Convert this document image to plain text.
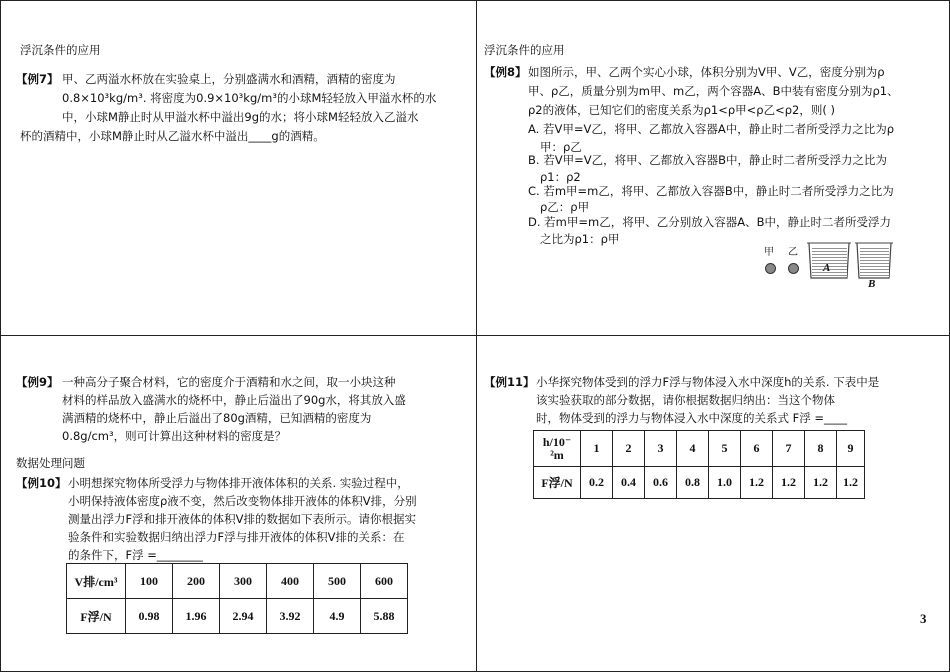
浮沉条件的应用
【例7】 甲、乙两溢水杯放在实验桌上，分别盛满水和酒精，酒精的密度为
0.8×10³kg/m³. 将密度为0.9×10³kg/m³的小球M轻轻放入甲溢水杯的水
中，小球M静止时从甲溢水杯中溢出9g的水；将小球M轻轻放入乙溢水
杯的酒精中，小球M静止时从乙溢水杯中溢出____g的酒精。
浮沉条件的应用
【例8】 如图所示，甲、乙两个实心小球，体积分别为V甲、V乙，密度分别为ρ
甲、ρ乙，质量分别为m甲、m乙，两个容器A、B中装有密度分别为ρ1、
ρ2的液体，已知它们的密度关系为ρ1<ρ甲<ρ乙<ρ2，则( )
A. 若V甲=V乙，将甲、乙都放入容器A中，静止时二者所受浮力之比为ρ
甲：ρ乙
B. 若V甲=V乙，将甲、乙都放入容器B中，静止时二者所受浮力之比为
ρ1：ρ2
C. 若m甲=m乙，将甲、乙都放入容器B中，静止时二者所受浮力之比为
ρ乙：ρ甲
D. 若m甲=m乙，将甲、乙分别放入容器A、B中，静止时二者所受浮力
之比为ρ1：ρ甲
甲 乙
A
B
【例9】 一种高分子聚合材料，它的密度介于酒精和水之间，取一小块这种
材料的样品放入盛满水的烧杯中，静止后溢出了90g水，将其放入盛
满酒精的烧杯中，静止后溢出了80g酒精，已知酒精的密度为
0.8g/cm³，则可计算出这种材料的密度是？
数据处理问题
【例10】 小明想探究物体所受浮力与物体排开液体体积的关系. 实验过程中，
小明保持液体密度ρ液不变，然后改变物体排开液体的体积V排，分别
测量出浮力F浮和排开液体的体积V排的数据如下表所示。请你根据实
验条件和实验数据归纳出浮力F浮与排开液体的体积V排的关系：在
的条件下，F浮 =________
V排/cm³	100	200	300	400	500	600
F浮/N	0.98	1.96	2.94	3.92	4.9	5.88
【例11】 小华探究物体受到的浮力F浮与物体浸入水中深度h的关系. 下表中是
该实验获取的部分数据，请你根据数据归纳出：当这个物体
时，物体受到的浮力与物体浸入水中深度的关系式 F浮 =____
h/10⁻
²m	1	2	3	4	5	6	7	8	9
F浮/N	0.2	0.4	0.6	0.8	1.0	1.2	1.2	1.2	1.2
3
